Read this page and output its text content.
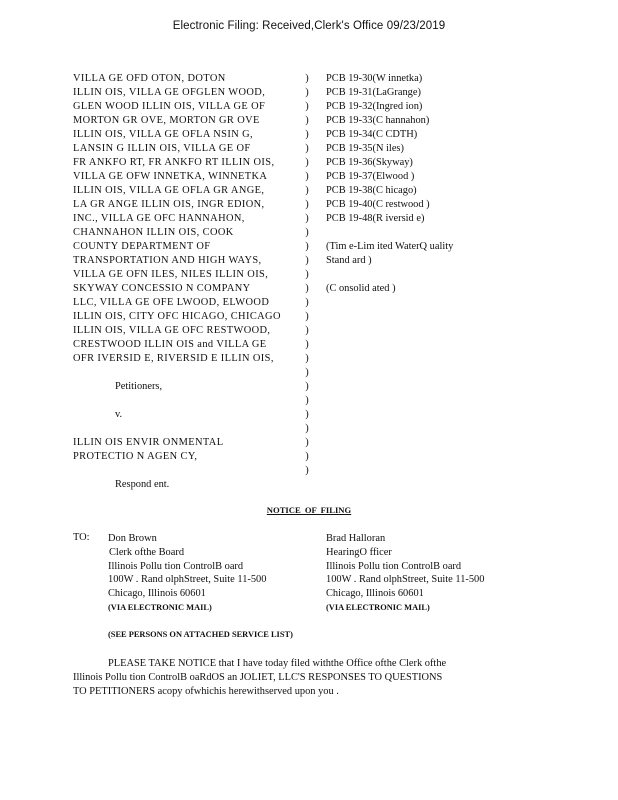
Electronic Filing: Received,Clerk's Office 09/23/2019
VILLA GE OFD OTON, DOTON
ILLIN OIS, VILLA GE OFGLEN WOOD,
GLEN WOOD ILLIN OIS, VILLA GE OF
MORTON GR OVE, MORTON GR OVE
ILLIN OIS, VILLA GE OFLA NSIN G,
LANSIN G ILLIN OIS, VILLA GE OF
FR ANKFO RT, FR ANKFO RT ILLIN OIS,
VILLA GE OFW INNETKA, WINNETKA
ILLIN OIS, VILLA GE OFLA GR ANGE,
LA GR ANGE ILLIN OIS, INGR EDION,
INC., VILLA GE OFC HANNAHON,
CHANNAHON ILLIN OIS, COOK
COUNTY DEPARTMENT OF
TRANSPORTATION AND HIGH WAYS,
VILLA GE OFN ILES, NILES ILLIN OIS,
SKYWAY CONCESSIO N COMPANY
LLC, VILLA GE OFE LWOOD, ELWOOD
ILLIN OIS, CITY OFC HICAGO, CHICAGO
ILLIN OIS, VILLA GE OFC RESTWOOD,
CRESTWOOD ILLIN OIS and VILLA GE
OFR IVERSID E, RIVERSID E ILLIN OIS,
Petitioners,
v.
ILLIN OIS ENVIR ONMENTAL
PROTECTIO N AGEN CY,
Respond ent.
)
)
)
)
)
)
)
)
)
)
)
)
)
)
)
)
)
)
)
)
)
)
)
)
)
)
)
)
)
PCB 19-30(W innetka)
PCB 19-31(LaGrange)
PCB 19-32(Ingred ion)
PCB 19-33(C hannahon)
PCB 19-34(C CDTH)
PCB 19-35(N iles)
PCB 19-36(Skyway)
PCB 19-37(Elwood )
PCB 19-38(C hicago)
PCB 19-40(C restwood )
PCB 19-48(R iversid e)
(Tim e-Lim ited WaterQ uality
Stand ard )
(C onsolid ated )
NOTICE OF FILING
TO: Don Brown
Clerk ofthe Board
Illinois Pollu tion ControlB oard
100W . Rand olphStreet, Suite 11-500
Chicago, Illinois 60601
(VIA ELECTRONIC MAIL)
Brad Halloran
HearingO fficer
Illinois Pollu tion ControlB oard
100W . Rand olphStreet, Suite 11-500
Chicago, Illinois 60601
(VIA ELECTRONIC MAIL)
(SEE PERSONS ON ATTACHED SERVICE LIST)
PLEASE TAKE NOTICE that I have today filed withthe Office ofthe Clerk ofthe
Illinois Pollu tion ControlB oaRdOS an JOLIET, LLC'S RESPONSES TO QUESTIONS
TO PETITIONERS acopy ofwhichis herewithserved upon you .
